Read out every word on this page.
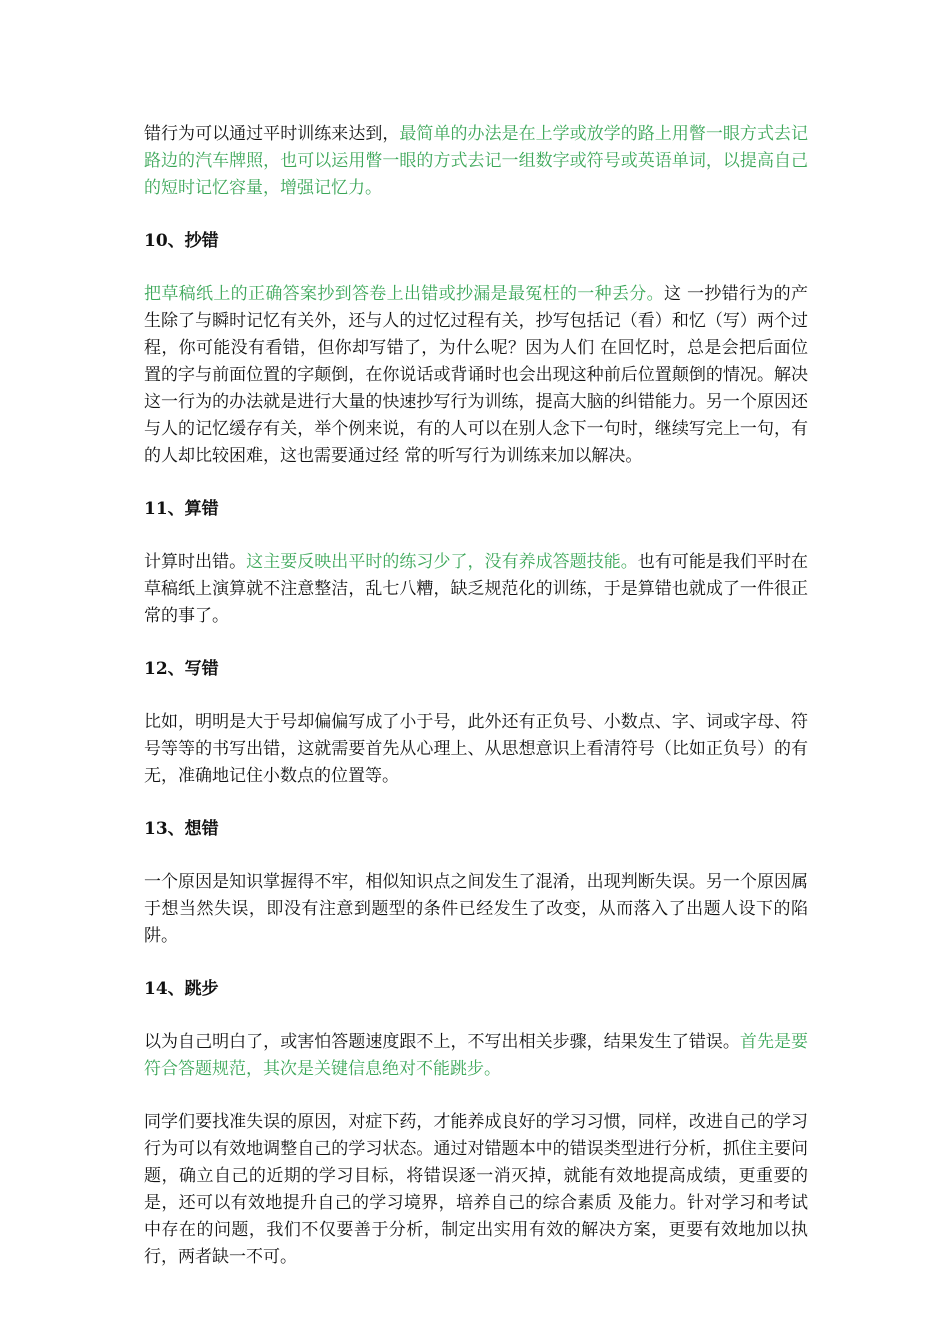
错行为可以通过平时训练来达到，最简单的办法是在上学或放学的路上用瞥一眼方式去记路边的汽车牌照，也可以运用瞥一眼的方式去记一组数字或符号或英语单词，以提高自己的短时记忆容量，增强记忆力。

10、抄错

把草稿纸上的正确答案抄到答卷上出错或抄漏是最冤枉的一种丢分。这 一抄错行为的产生除了与瞬时记忆有关外，还与人的过忆过程有关，抄写包括记（看）和忆（写）两个过程，你可能没有看错，但你却写错了，为什么呢？因为人们 在回忆时，总是会把后面位置的字与前面位置的字颠倒，在你说话或背诵时也会出现这种前后位置颠倒的情况。解决这一行为的办法就是进行大量的快速抄写行为训练，提高大脑的纠错能力。另一个原因还与人的记忆缓存有关，举个例来说，有的人可以在别人念下一句时，继续写完上一句，有的人却比较困难，这也需要通过经 常的听写行为训练来加以解决。

11、算错

计算时出错。这主要反映出平时的练习少了，没有养成答题技能。也有可能是我们平时在草稿纸上演算就不注意整洁，乱七八糟，缺乏规范化的训练，于是算错也就成了一件很正常的事了。

12、写错

比如，明明是大于号却偏偏写成了小于号，此外还有正负号、小数点、字、词或字母、符号等等的书写出错，这就需要首先从心理上、从思想意识上看清符号（比如正负号）的有无，准确地记住小数点的位置等。

13、想错

一个原因是知识掌握得不牢，相似知识点之间发生了混淆，出现判断失误。另一个原因属于想当然失误，即没有注意到题型的条件已经发生了改变，从而落入了出题人设下的陷阱。

14、跳步

以为自己明白了，或害怕答题速度跟不上，不写出相关步骤，结果发生了错误。首先是要符合答题规范，其次是关键信息绝对不能跳步。

同学们要找准失误的原因，对症下药，才能养成良好的学习习惯，同样，改进自己的学习行为可以有效地调整自己的学习状态。通过对错题本中的错误类型进行分析，抓住主要问题，确立自己的近期的学习目标，将错误逐一消灭掉，就能有效地提高成绩，更重要的是，还可以有效地提升自己的学习境界，培养自己的综合素质 及能力。针对学习和考试中存在的问题，我们不仅要善于分析，制定出实用有效的解决方案，更要有效地加以执行，两者缺一不可。
